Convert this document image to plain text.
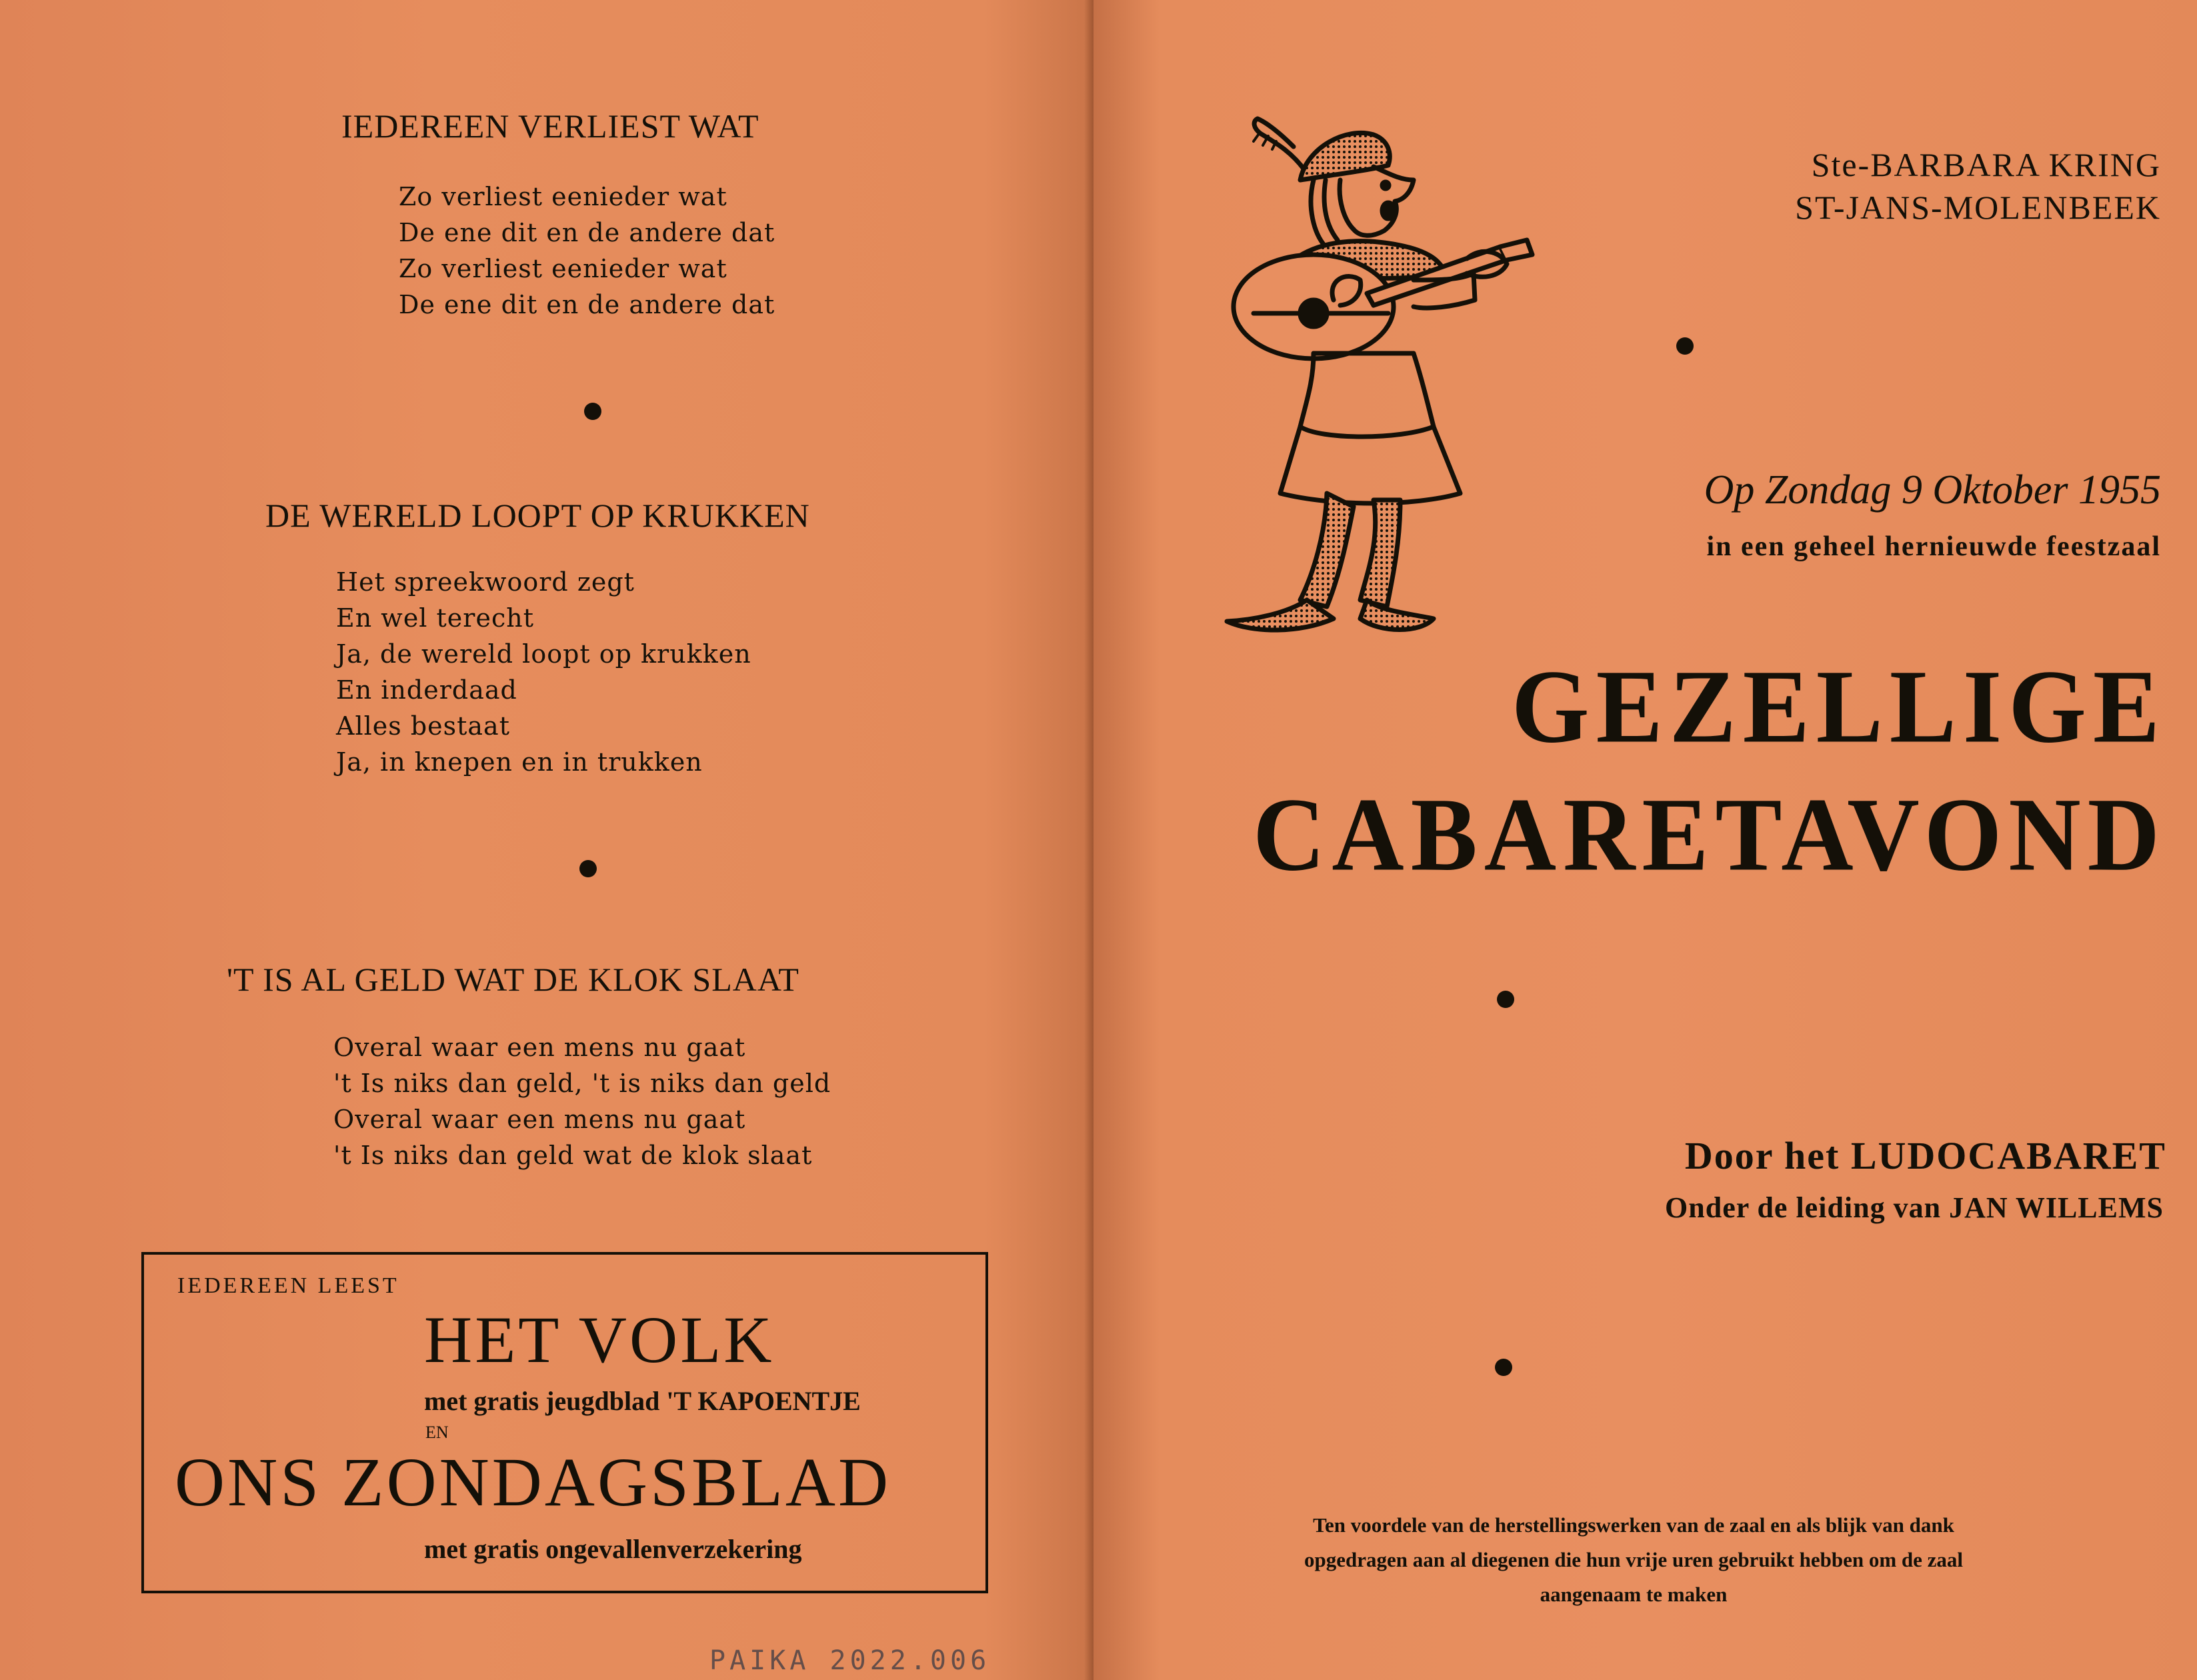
IEDEREEN VERLIEST WAT
Zo verliest eenieder wat
De ene dit en de andere dat
Zo verliest eenieder wat
De ene dit en de andere dat
DE WERELD LOOPT OP KRUKKEN
Het spreekwoord zegt
En wel terecht
Ja, de wereld loopt op krukken
En inderdaad
Alles bestaat
Ja, in knepen en in trukken
'T IS AL GELD WAT DE KLOK SLAAT
Overal waar een mens nu gaat
't Is niks dan geld, 't is niks dan geld
Overal waar een mens nu gaat
't Is niks dan geld wat de klok slaat
IEDEREEN LEEST
HET VOLK
met gratis jeugdblad 'T KAPOENTJE
EN
ONS ZONDAGSBLAD
met gratis ongevallenverzekering
PAIKA 2022.006
Ste-BARBARA KRING
ST-JANS-MOLENBEEK
Op Zondag 9 Oktober 1955
in een geheel hernieuwde feestzaal
GEZELLIGE
CABARETAVOND
Door het LUDOCABARET
Onder de leiding van JAN WILLEMS
Ten voordele van de herstellingswerken van de zaal en als blijk van dank
opgedragen aan al diegenen die hun vrije uren gebruikt hebben om de zaal
aangenaam te maken
